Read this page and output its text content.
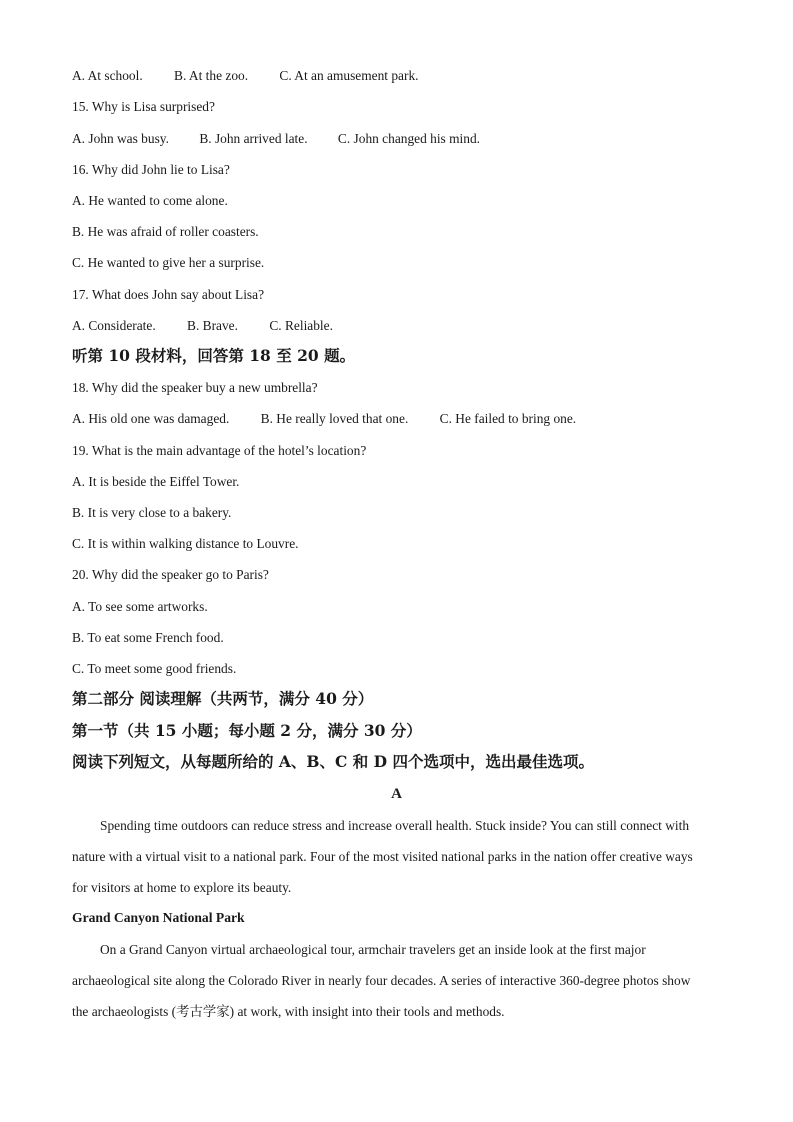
A. At school. B. At the zoo. C. At an amusement park.
15. Why is Lisa surprised?
A. John was busy. B. John arrived late. C. John changed his mind.
16. Why did John lie to Lisa?
A. He wanted to come alone.
B. He was afraid of roller coasters.
C. He wanted to give her a surprise.
17. What does John say about Lisa?
A. Considerate. B. Brave. C. Reliable.
听第 10 段材料，回答第 18 至 20 题。
18. Why did the speaker buy a new umbrella?
A. His old one was damaged. B. He really loved that one. C. He failed to bring one.
19. What is the main advantage of the hotel’s location?
A. It is beside the Eiffel Tower.
B. It is very close to a bakery.
C. It is within walking distance to Louvre.
20. Why did the speaker go to Paris?
A. To see some artworks.
B. To eat some French food.
C. To meet some good friends.
第二部分 阅读理解（共两节，满分 40 分）
第一节（共 15 小题；每小题 2 分，满分 30 分）
阅读下列短文，从每题所给的 A、B、C 和 D 四个选项中，选出最佳选项。
A
Spending time outdoors can reduce stress and increase overall health. Stuck inside? You can still connect with
nature with a virtual visit to a national park. Four of the most visited national parks in the nation offer creative ways
for visitors at home to explore its beauty.
Grand Canyon National Park
On a Grand Canyon virtual archaeological tour, armchair travelers get an inside look at the first major
archaeological site along the Colorado River in nearly four decades. A series of interactive 360-degree photos show
the archaeologists (考古学家) at work, with insight into their tools and methods.
